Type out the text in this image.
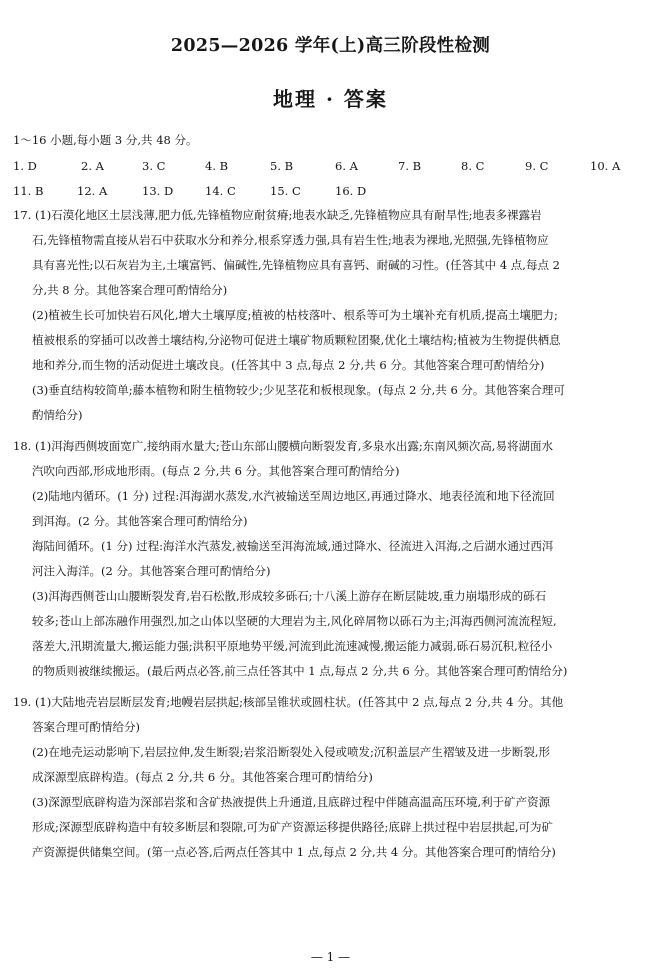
2025—2026 学年(上)高三阶段性检测
地理 · 答案
1～16 小题,每小题 3 分,共 48 分。
1. D	2. A	3. C	4. B	5. B	6. A	7. B	8. C	9. C	10. A
11. B	12. A	13. D	14. C	15. C	16. D
17. (1)石漠化地区土层浅薄,肥力低,先锋植物应耐贫瘠;地表水缺乏,先锋植物应具有耐旱性;地表多裸露岩
石,先锋植物需直接从岩石中获取水分和养分,根系穿透力强,具有岩生性;地表为裸地,光照强,先锋植物应
具有喜光性;以石灰岩为主,土壤富钙、偏碱性,先锋植物应具有喜钙、耐碱的习性。(任答其中 4 点,每点 2
分,共 8 分。其他答案合理可酌情给分)
(2)植被生长可加快岩石风化,增大土壤厚度;植被的枯枝落叶、根系等可为土壤补充有机质,提高土壤肥力;
植被根系的穿插可以改善土壤结构,分泌物可促进土壤矿物质颗粒团聚,优化土壤结构;植被为生物提供栖息
地和养分,而生物的活动促进土壤改良。(任答其中 3 点,每点 2 分,共 6 分。其他答案合理可酌情给分)
(3)垂直结构较简单;藤本植物和附生植物较少;少见茎花和板根现象。(每点 2 分,共 6 分。其他答案合理可
酌情给分)
18. (1)洱海西侧坡面宽广,接纳雨水量大;苍山东部山腰横向断裂发育,多泉水出露;东南风频次高,易将湖面水
汽吹向西部,形成地形雨。(每点 2 分,共 6 分。其他答案合理可酌情给分)
(2)陆地内循环。(1 分) 过程:洱海湖水蒸发,水汽被输送至周边地区,再通过降水、地表径流和地下径流回
到洱海。(2 分。其他答案合理可酌情给分)
海陆间循环。(1 分) 过程:海洋水汽蒸发,被输送至洱海流域,通过降水、径流进入洱海,之后湖水通过西洱
河注入海洋。(2 分。其他答案合理可酌情给分)
(3)洱海西侧苍山山腰断裂发育,岩石松散,形成较多砾石;十八溪上游存在断层陡坡,重力崩塌形成的砾石
较多;苍山上部冻融作用强烈,加之山体以坚硬的大理岩为主,风化碎屑物以砾石为主;洱海西侧河流流程短,
落差大,汛期流量大,搬运能力强;洪积平原地势平缓,河流到此流速减慢,搬运能力减弱,砾石易沉积,粒径小
的物质则被继续搬运。(最后两点必答,前三点任答其中 1 点,每点 2 分,共 6 分。其他答案合理可酌情给分)
19. (1)大陆地壳岩层断层发育;地幔岩层拱起;核部呈锥状或圆柱状。(任答其中 2 点,每点 2 分,共 4 分。其他
答案合理可酌情给分)
(2)在地壳运动影响下,岩层拉伸,发生断裂;岩浆沿断裂处入侵或喷发;沉积盖层产生褶皱及进一步断裂,形
成深源型底辟构造。(每点 2 分,共 6 分。其他答案合理可酌情给分)
(3)深源型底辟构造为深部岩浆和含矿热液提供上升通道,且底辟过程中伴随高温高压环境,利于矿产资源
形成;深源型底辟构造中有较多断层和裂隙,可为矿产资源运移提供路径;底辟上拱过程中岩层拱起,可为矿
产资源提供储集空间。(第一点必答,后两点任答其中 1 点,每点 2 分,共 4 分。其他答案合理可酌情给分)
— 1 —
